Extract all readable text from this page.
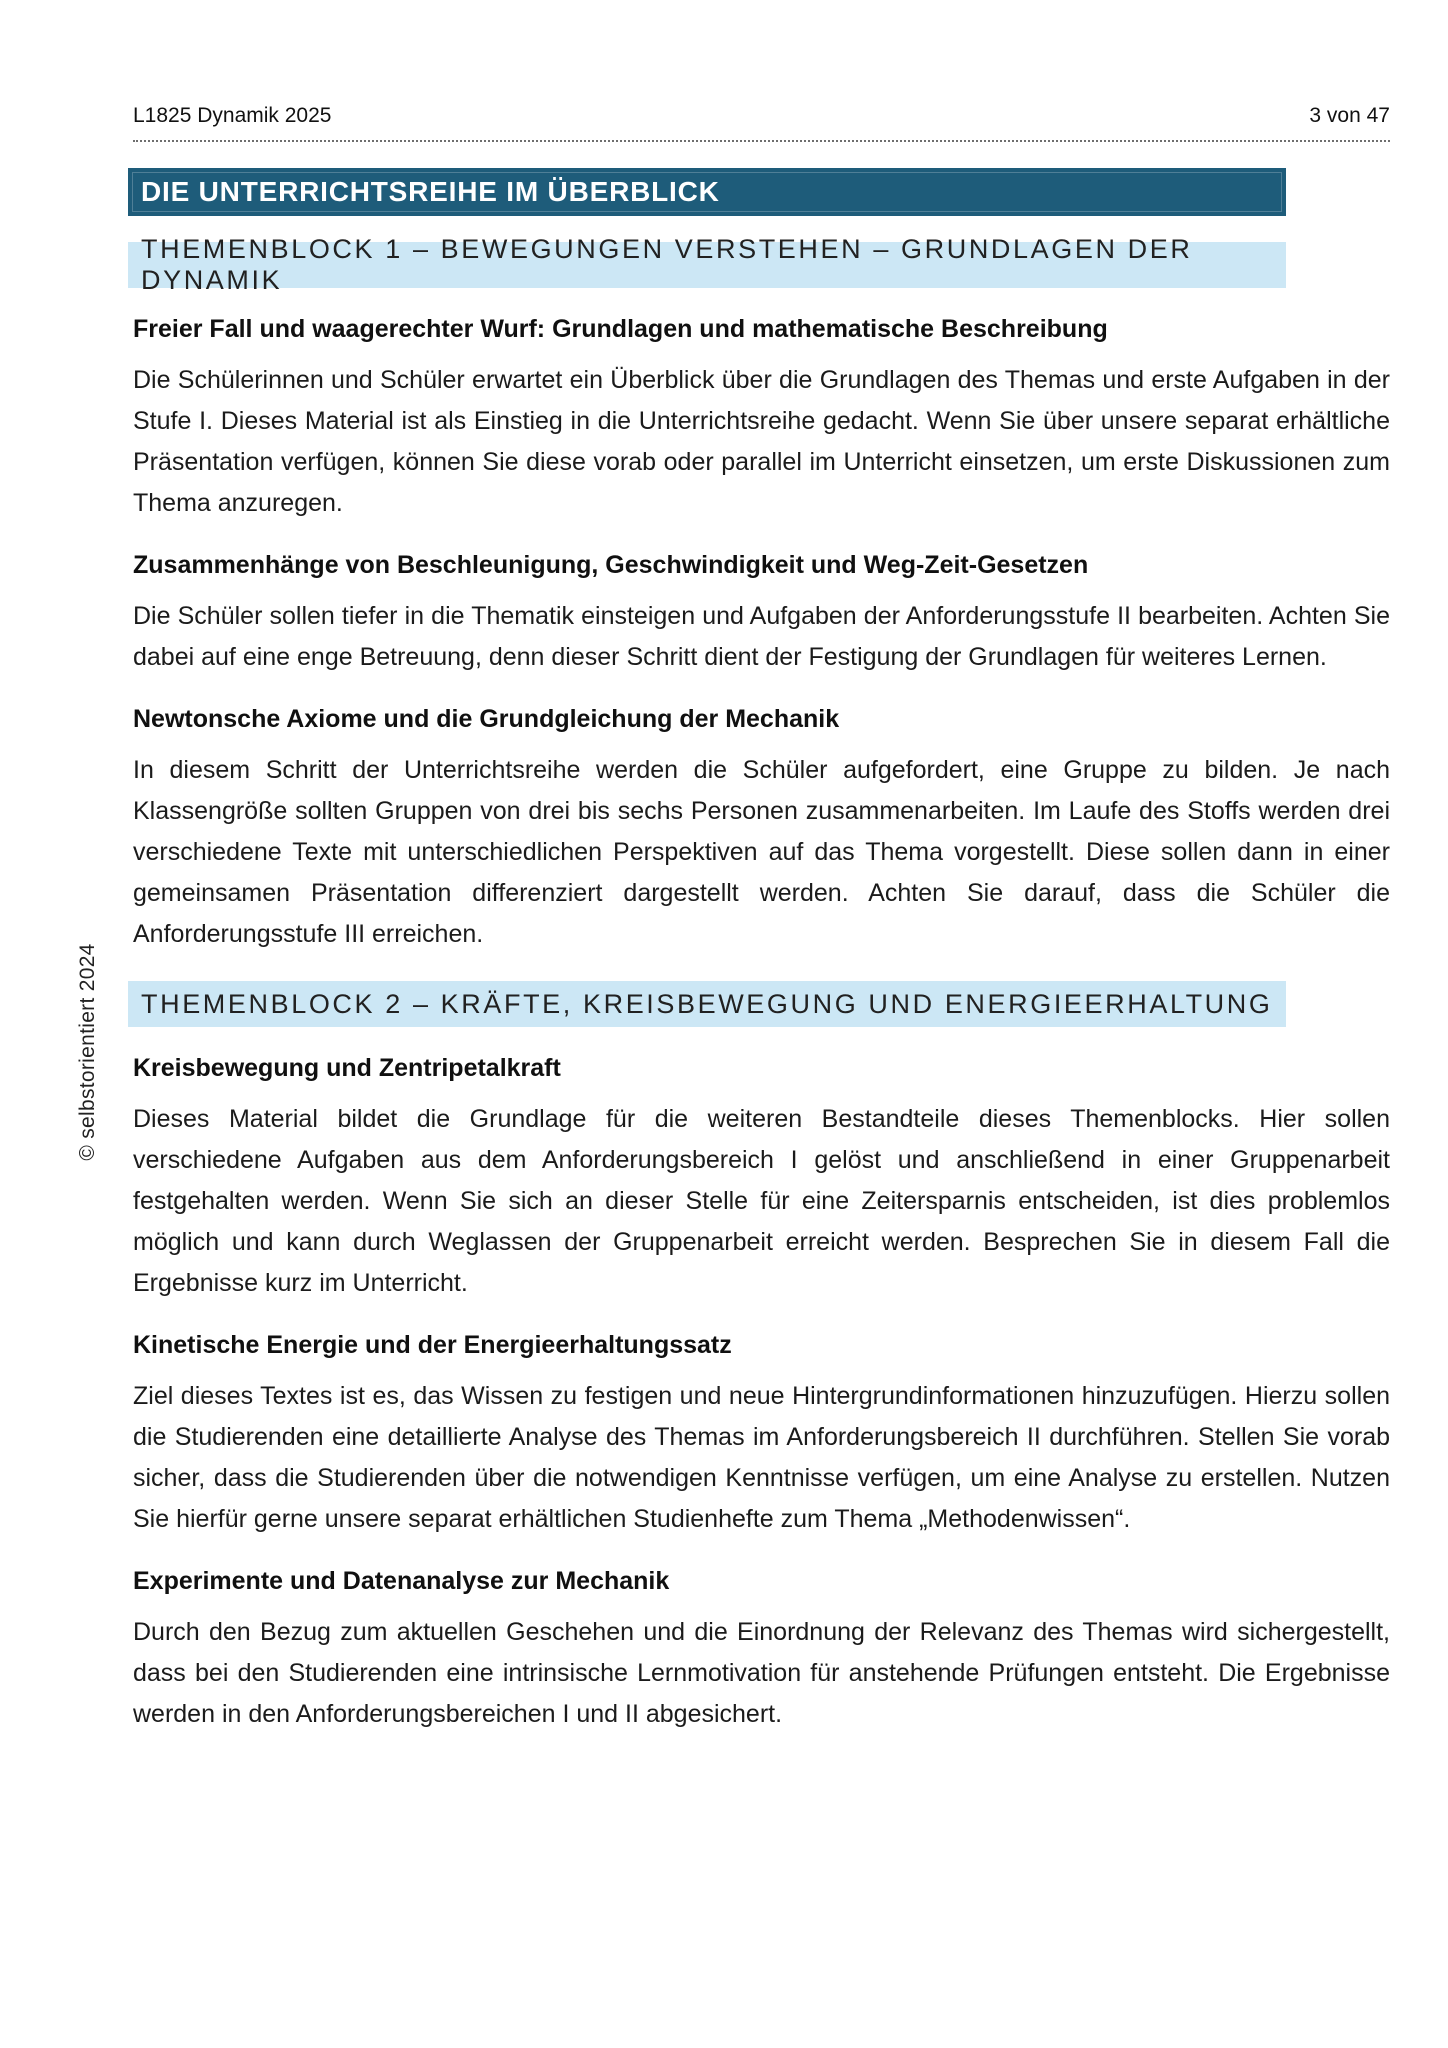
© selbstorientiert 2024
L1825 Dynamik 2025	3 von 47
DIE UNTERRICHTSREIHE IM ÜBERBLICK
THEMENBLOCK 1 – BEWEGUNGEN VERSTEHEN – GRUNDLAGEN DER DYNAMIK
Freier Fall und waagerechter Wurf: Grundlagen und mathematische Beschreibung

Die Schülerinnen und Schüler erwartet ein Überblick über die Grundlagen des Themas und erste Aufgaben in der Stufe I. Dieses Material ist als Einstieg in die Unterrichtsreihe gedacht. Wenn Sie über unsere separat erhältliche Präsentation verfügen, können Sie diese vorab oder parallel im Unterricht einsetzen, um erste Diskussionen zum Thema anzuregen.

Zusammenhänge von Beschleunigung, Geschwindigkeit und Weg-Zeit-Gesetzen

Die Schüler sollen tiefer in die Thematik einsteigen und Aufgaben der Anforderungsstufe II bearbeiten. Achten Sie dabei auf eine enge Betreuung, denn dieser Schritt dient der Festigung der Grundlagen für weiteres Lernen.

Newtonsche Axiome und die Grundgleichung der Mechanik

In diesem Schritt der Unterrichtsreihe werden die Schüler aufgefordert, eine Gruppe zu bilden. Je nach Klassengröße sollten Gruppen von drei bis sechs Personen zusammenarbeiten. Im Laufe des Stoffs werden drei verschiedene Texte mit unterschiedlichen Perspektiven auf das Thema vorgestellt. Diese sollen dann in einer gemeinsamen Präsentation differenziert dargestellt werden. Achten Sie darauf, dass die Schüler die Anforderungsstufe III erreichen.

THEMENBLOCK 2 – KRÄFTE, KREISBEWEGUNG UND ENERGIEERHALTUNG
Kreisbewegung und Zentripetalkraft

Dieses Material bildet die Grundlage für die weiteren Bestandteile dieses Themenblocks. Hier sollen verschiedene Aufgaben aus dem Anforderungsbereich I gelöst und anschließend in einer Gruppenarbeit festgehalten werden. Wenn Sie sich an dieser Stelle für eine Zeitersparnis entscheiden, ist dies problemlos möglich und kann durch Weglassen der Gruppenarbeit erreicht werden. Besprechen Sie in diesem Fall die Ergebnisse kurz im Unterricht.

Kinetische Energie und der Energieerhaltungssatz

Ziel dieses Textes ist es, das Wissen zu festigen und neue Hintergrundinformationen hinzuzufügen. Hierzu sollen die Studierenden eine detaillierte Analyse des Themas im Anforderungsbereich II durchführen. Stellen Sie vorab sicher, dass die Studierenden über die notwendigen Kenntnisse verfügen, um eine Analyse zu erstellen. Nutzen Sie hierfür gerne unsere separat erhältlichen Studienhefte zum Thema „Methodenwissen“.

Experimente und Datenanalyse zur Mechanik

Durch den Bezug zum aktuellen Geschehen und die Einordnung der Relevanz des Themas wird sichergestellt, dass bei den Studierenden eine intrinsische Lernmotivation für anstehende Prüfungen entsteht. Die Ergebnisse werden in den Anforderungsbereichen I und II abgesichert.
